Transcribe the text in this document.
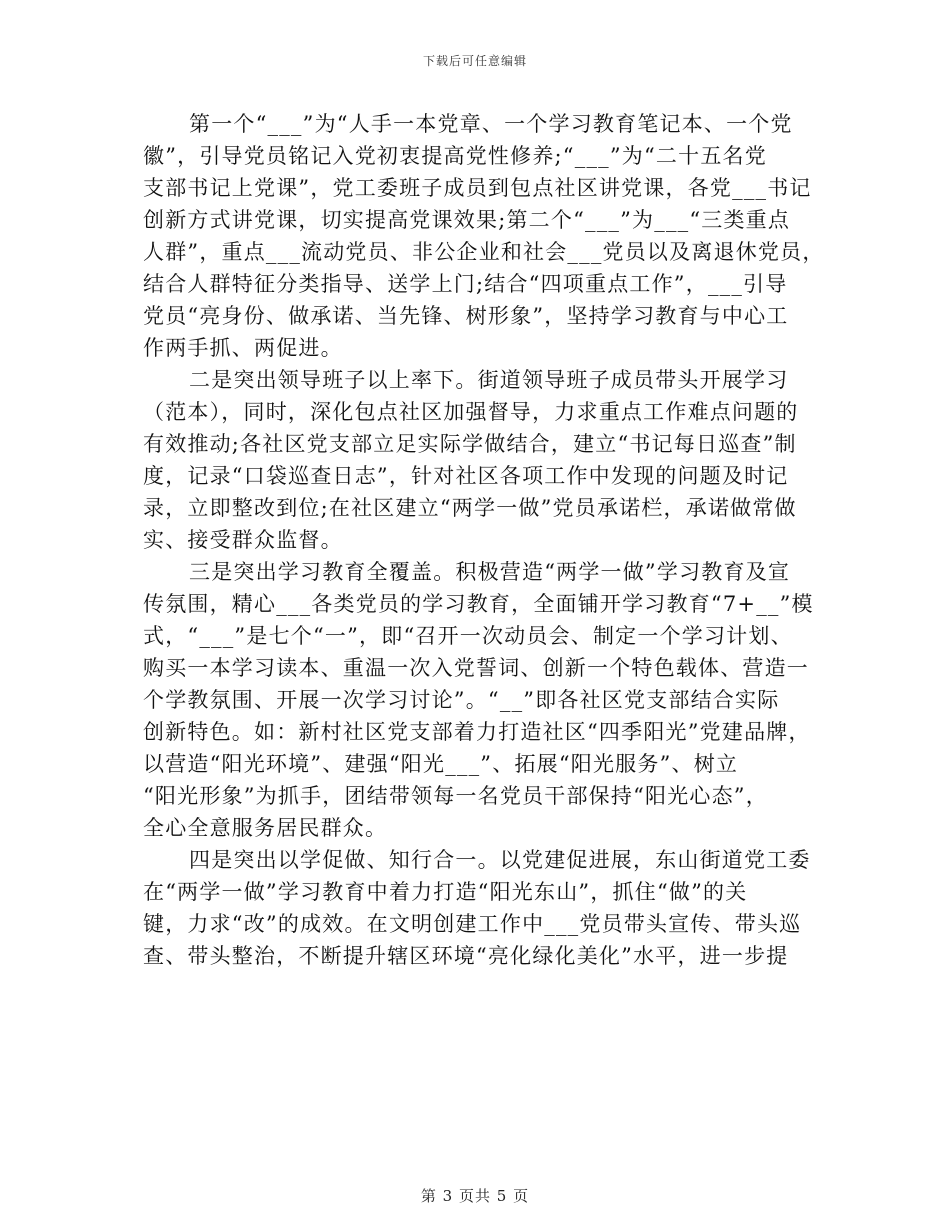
下载后可任意编辑
第一个“___”为“人手一本党章、一个学习教育笔记本、一个党
徽”，引导党员铭记入党初衷提高党性修养;“___”为“二十五名党
支部书记上党课”，党工委班子成员到包点社区讲党课，各党___书记
创新方式讲党课，切实提高党课效果;第二个“___”为___“三类重点
人群”，重点___流动党员、非公企业和社会___党员以及离退休党员，
结合人群特征分类指导、送学上门;结合“四项重点工作”，___引导
党员“亮身份、做承诺、当先锋、树形象”，坚持学习教育与中心工
作两手抓、两促进。
二是突出领导班子以上率下。街道领导班子成员带头开展学习
（范本），同时，深化包点社区加强督导，力求重点工作难点问题的
有效推动;各社区党支部立足实际学做结合，建立“书记每日巡查”制
度，记录“口袋巡查日志”，针对社区各项工作中发现的问题及时记
录，立即整改到位;在社区建立“两学一做”党员承诺栏，承诺做常做
实、接受群众监督。
三是突出学习教育全覆盖。积极营造“两学一做”学习教育及宣
传氛围，精心___各类党员的学习教育，全面铺开学习教育“7+__”模
式，“___”是七个“一”，即“召开一次动员会、制定一个学习计划、
购买一本学习读本、重温一次入党誓词、创新一个特色载体、营造一
个学教氛围、开展一次学习讨论”。“__”即各社区党支部结合实际
创新特色。如：新村社区党支部着力打造社区“四季阳光”党建品牌，
以营造“阳光环境”、建强“阳光___”、拓展“阳光服务”、树立
“阳光形象”为抓手，团结带领每一名党员干部保持“阳光心态”，
全心全意服务居民群众。
四是突出以学促做、知行合一。以党建促进展，东山街道党工委
在“两学一做”学习教育中着力打造“阳光东山”，抓住“做”的关
键，力求“改”的成效。在文明创建工作中___党员带头宣传、带头巡
查、带头整治，不断提升辖区环境“亮化绿化美化”水平，进一步提
第 3 页共 5 页
